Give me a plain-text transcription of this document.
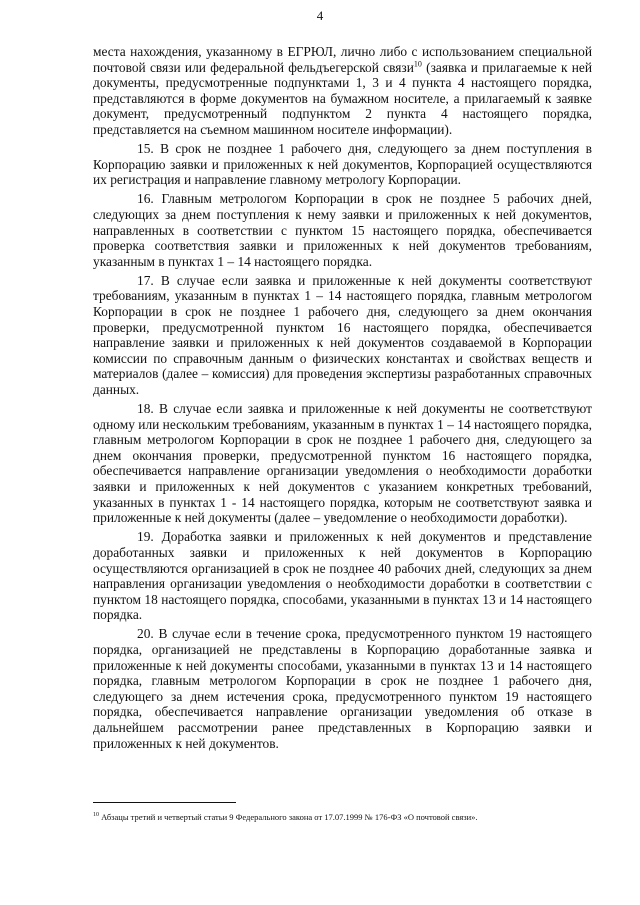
4

места нахождения, указанному в ЕГРЮЛ, лично либо с использованием специальной почтовой связи или федеральной фельдъегерской связи$^{10}$ (заявка и прилагаемые к ней документы, предусмотренные подпунктами 1, 3 и 4 пункта 4 настоящего порядка, представляются в форме документов на бумажном носителе, а прилагаемый к заявке документ, предусмотренный подпунктом 2 пункта 4 настоящего порядка, представляется на съемном машинном носителе информации).

15. В срок не позднее 1 рабочего дня, следующего за днем поступления в Корпорацию заявки и приложенных к ней документов, Корпорацией осуществляются их регистрация и направление главному метрологу Корпорации.

16. Главным метрологом Корпорации в срок не позднее 5 рабочих дней, следующих за днем поступления к нему заявки и приложенных к ней документов, направленных в соответствии с пунктом 15 настоящего порядка, обеспечивается проверка соответствия заявки и приложенных к ней документов требованиям, указанным в пунктах 1 – 14 настоящего порядка.

17. В случае если заявка и приложенные к ней документы соответствуют требованиям, указанным в пунктах 1 – 14 настоящего порядка, главным метрологом Корпорации в срок не позднее 1 рабочего дня, следующего за днем окончания проверки, предусмотренной пунктом 16 настоящего порядка, обеспечивается направление заявки и приложенных к ней документов создаваемой в Корпорации комиссии по справочным данным о физических константах и свойствах веществ и материалов (далее – комиссия) для проведения экспертизы разработанных справочных данных.

18. В случае если заявка и приложенные к ней документы не соответствуют одному или нескольким требованиям, указанным в пунктах 1 – 14 настоящего порядка, главным метрологом Корпорации в срок не позднее 1 рабочего дня, следующего за днем окончания проверки, предусмотренной пунктом 16 настоящего порядка, обеспечивается направление организации уведомления о необходимости доработки заявки и приложенных к ней документов с указанием конкретных требований, указанных в пунктах 1 - 14 настоящего порядка, которым не соответствуют заявка и приложенные к ней документы (далее – уведомление о необходимости доработки).

19. Доработка заявки и приложенных к ней документов и представление доработанных заявки и приложенных к ней документов в Корпорацию осуществляются организацией в срок не позднее 40 рабочих дней, следующих за днем направления организации уведомления о необходимости доработки в соответствии с пунктом 18 настоящего порядка, способами, указанными в пунктах 13 и 14 настоящего порядка.

20. В случае если в течение срока, предусмотренного пунктом 19 настоящего порядка, организацией не представлены в Корпорацию доработанные заявка и приложенные к ней документы способами, указанными в пунктах 13 и 14 настоящего порядка, главным метрологом Корпорации в срок не позднее 1 рабочего дня, следующего за днем истечения срока, предусмотренного пунктом 19 настоящего порядка, обеспечивается направление организации уведомления об отказе в дальнейшем рассмотрении ранее представленных в Корпорацию заявки и приложенных к ней документов.

$^{10}$ Абзацы третий и четвертый статьи 9 Федерального закона от 17.07.1999 № 176-ФЗ «О почтовой связи».
